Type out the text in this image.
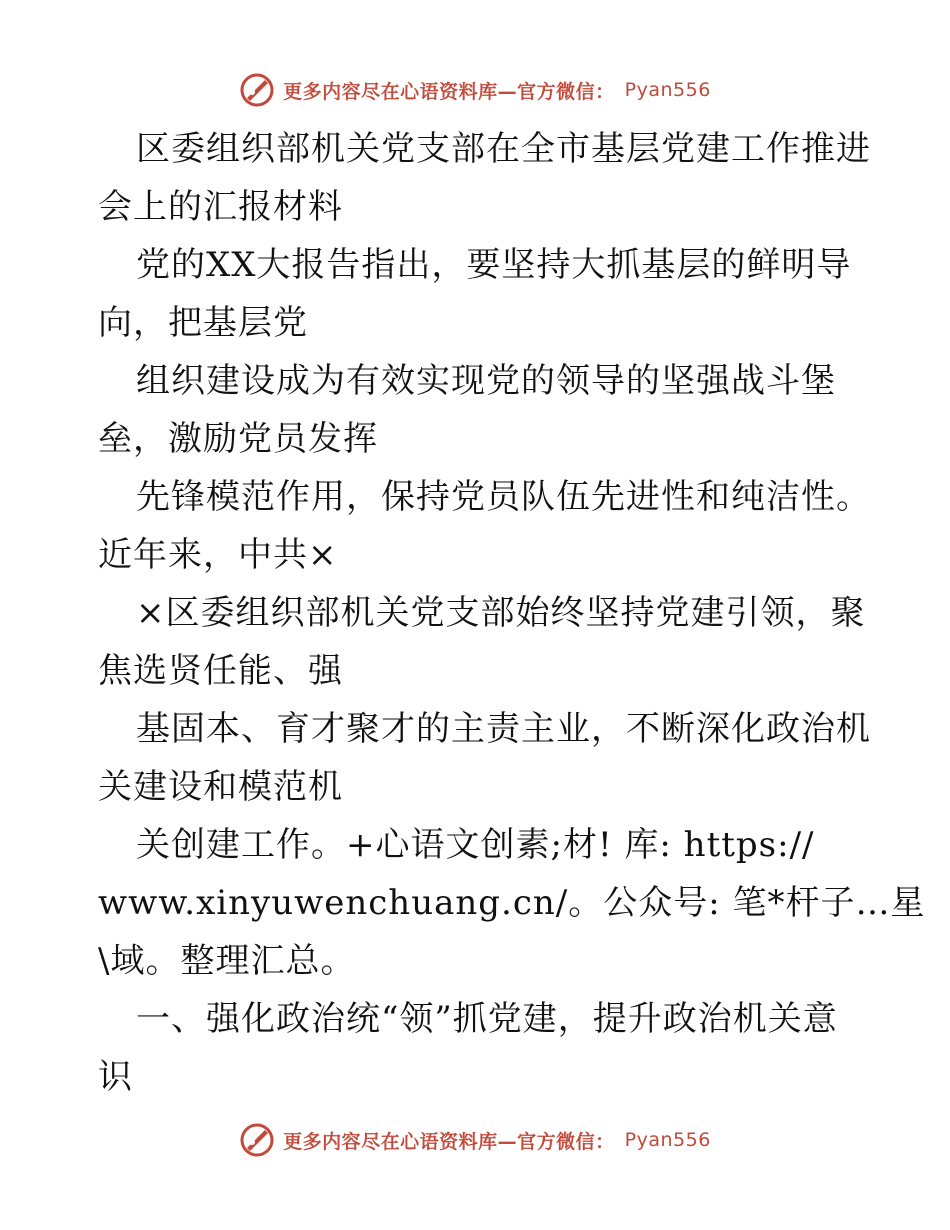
更多内容尽在心语资料库—官方微信： Pyan556
区委组织部机关党支部在全市基层党建工作推进
会上的汇报材料
党的XX大报告指出，要坚持大抓基层的鲜明导
向，把基层党
组织建设成为有效实现党的领导的坚强战斗堡
垒，激励党员发挥
先锋模范作用，保持党员队伍先进性和纯洁性。
近年来，中共×
×区委组织部机关党支部始终坚持党建引领，聚
焦选贤任能、强
基固本、育才聚才的主责主业，不断深化政治机
关建设和模范机
关创建工作。+心语文创素;材! 库: https://
www.xinyuwenchuang.cn/。公众号: 笔*杆子…星
\域。整理汇总。
一、强化政治统“领”抓党建，提升政治机关意
识
更多内容尽在心语资料库—官方微信： Pyan556
